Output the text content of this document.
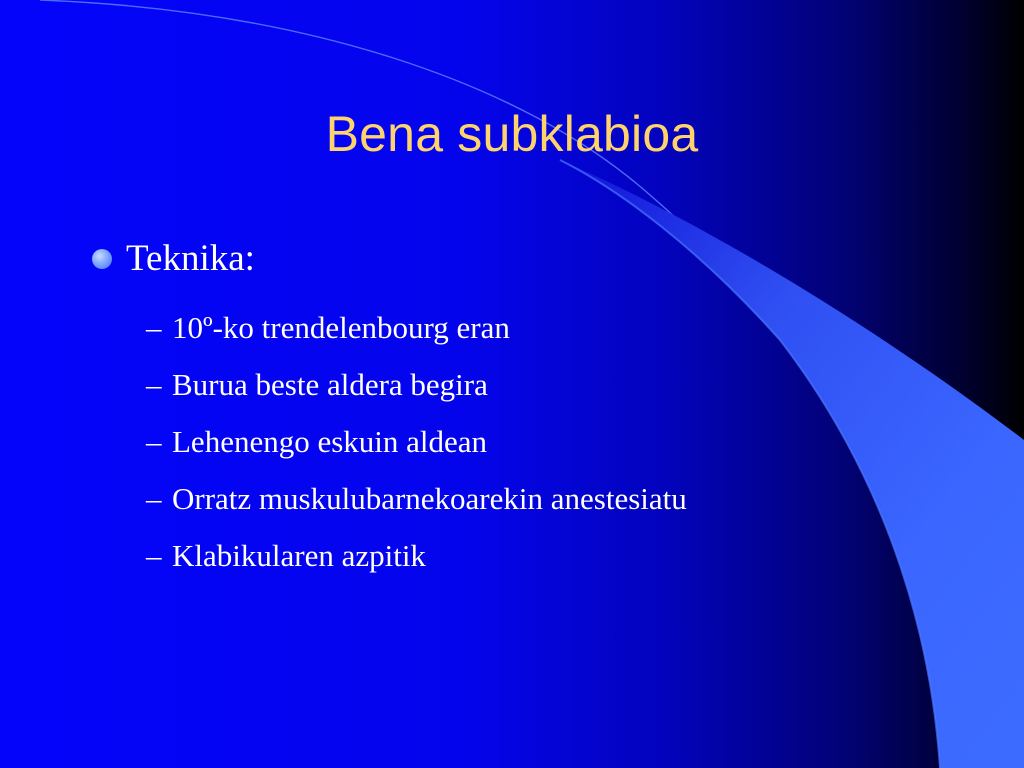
Bena subklabioa
Teknika:
– 10º-ko trendelenbourg eran
– Burua beste aldera begira
– Lehenengo eskuin aldean
– Orratz muskulubarnekoarekin anestesiatu
– Klabikularen azpitik
